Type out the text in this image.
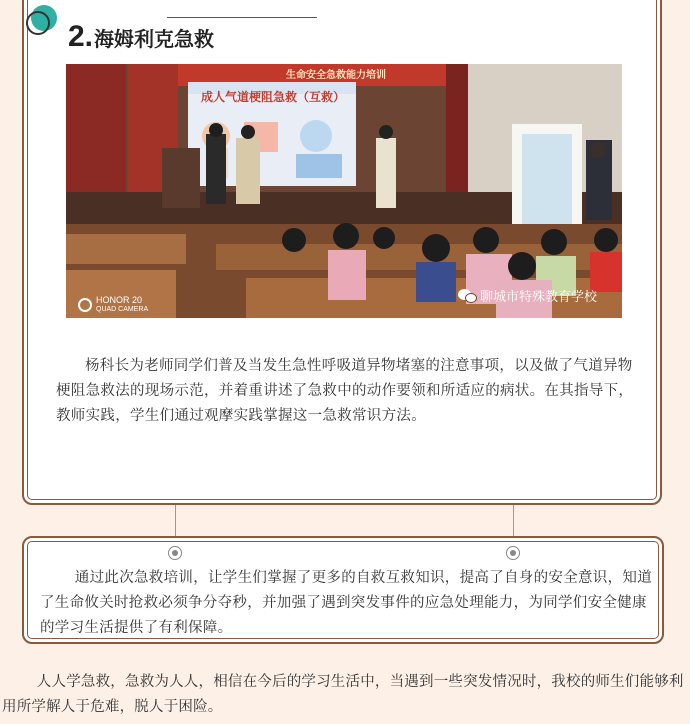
2. 海姆利克急救
生命安全急救能力培训
成人气道梗阻急救（互救）
HONOR 20
QUAD CAMERA
聊城市特殊教育学校

杨科长为老师同学们普及当发生急性呼吸道异物堵塞的注意事项，以及做了气道异物梗阻急救法的现场示范，并着重讲述了急救中的动作要领和所适应的病状。在其指导下，教师实践，学生们通过观摩实践掌握这一急救常识方法。

通过此次急救培训，让学生们掌握了更多的自救互救知识，提高了自身的安全意识，知道了生命攸关时抢救必须争分夺秒，并加强了遇到突发事件的应急处理能力，为同学们安全健康的学习生活提供了有利保障。

人人学急救，急救为人人，相信在今后的学习生活中，当遇到一些突发情况时，我校的师生们能够利用所学解人于危难，脱人于困险。
